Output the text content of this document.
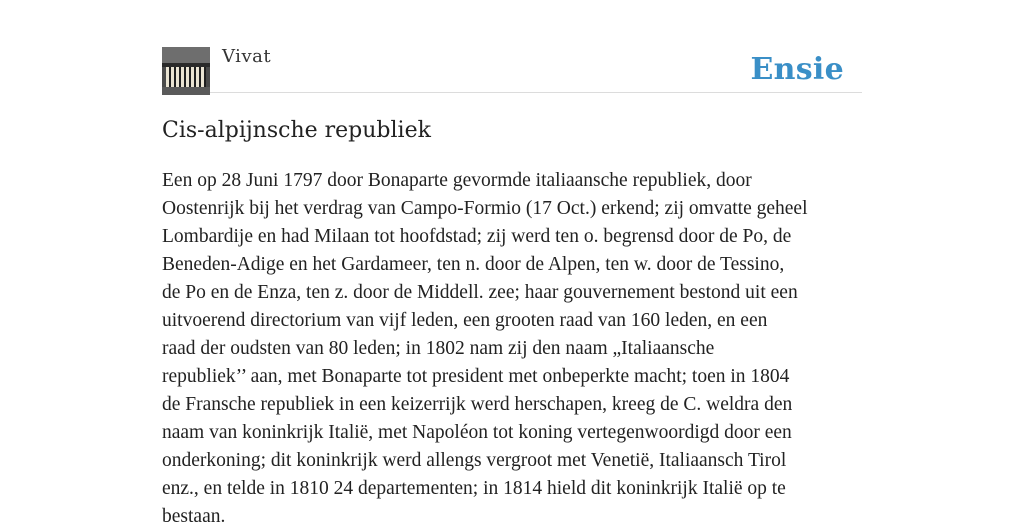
Vivat	Ensie
Cis-alpijnsche republiek

Een op 28 Juni 1797 door Bonaparte gevormde italiaansche republiek, door
Oostenrijk bij het verdrag van Campo-Formio (17 Oct.) erkend; zij omvatte geheel
Lombardije en had Milaan tot hoofdstad; zij werd ten o. begrensd door de Po, de
Beneden-Adige en het Gardameer, ten n. door de Alpen, ten w. door de Tessino,
de Po en de Enza, ten z. door de Middell. zee; haar gouvernement bestond uit een
uitvoerend directorium van vijf leden, een grooten raad van 160 leden, en een
raad der oudsten van 80 leden; in 1802 nam zij den naam „Italiaansche
republiek’’ aan, met Bonaparte tot president met onbeperkte macht; toen in 1804
de Fransche republiek in een keizerrijk werd herschapen, kreeg de C. weldra den
naam van koninkrijk Italië, met Napoléon tot koning vertegenwoordigd door een
onderkoning; dit koninkrijk werd allengs vergroot met Venetië, Italiaansch Tirol
enz., en telde in 1810 24 departementen; in 1814 hield dit koninkrijk Italië op te
bestaan.
